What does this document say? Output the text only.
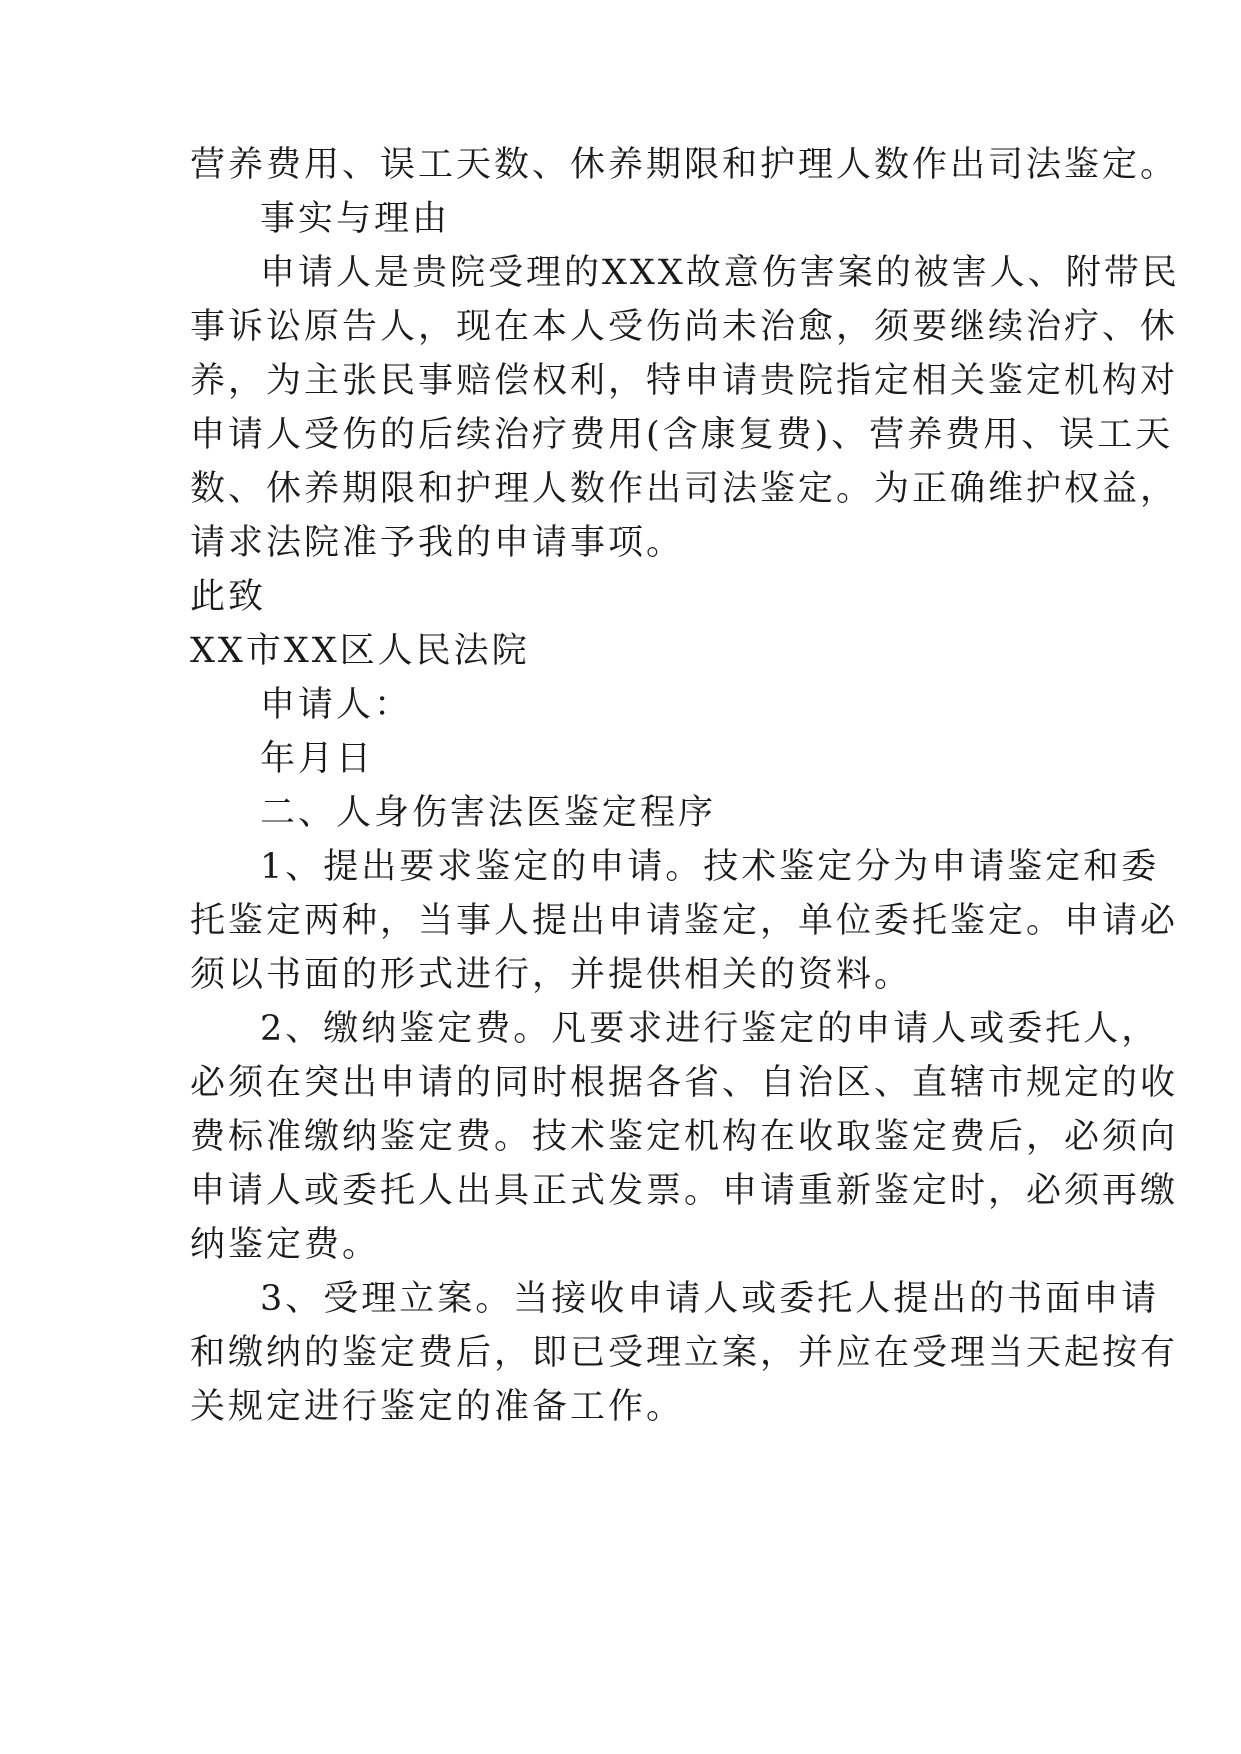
营养费用、误工天数、休养期限和护理人数作出司法鉴定。
事实与理由
申请人是贵院受理的XXX故意伤害案的被害人、附带民
事诉讼原告人，现在本人受伤尚未治愈，须要继续治疗、休
养，为主张民事赔偿权利，特申请贵院指定相关鉴定机构对
申请人受伤的后续治疗费用(含康复费)、营养费用、误工天
数、休养期限和护理人数作出司法鉴定。为正确维护权益，
请求法院准予我的申请事项。
此致
XX市XX区人民法院
申请人：
年月日
二、人身伤害法医鉴定程序
1、提出要求鉴定的申请。技术鉴定分为申请鉴定和委
托鉴定两种，当事人提出申请鉴定，单位委托鉴定。申请必
须以书面的形式进行，并提供相关的资料。
2、缴纳鉴定费。凡要求进行鉴定的申请人或委托人，
必须在突出申请的同时根据各省、自治区、直辖市规定的收
费标准缴纳鉴定费。技术鉴定机构在收取鉴定费后，必须向
申请人或委托人出具正式发票。申请重新鉴定时，必须再缴
纳鉴定费。
3、受理立案。当接收申请人或委托人提出的书面申请
和缴纳的鉴定费后，即已受理立案，并应在受理当天起按有
关规定进行鉴定的准备工作。
